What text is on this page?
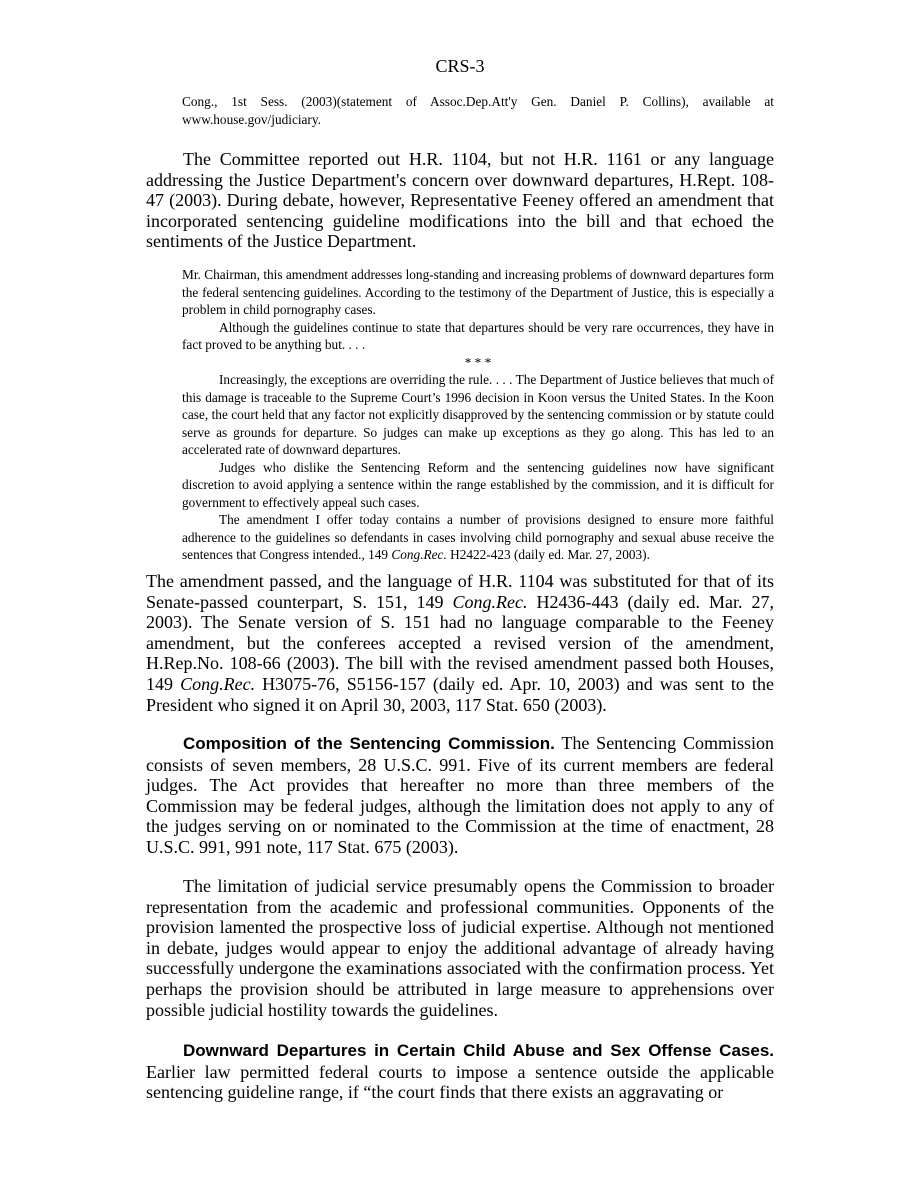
CRS-3
Cong., 1st Sess. (2003)(statement of Assoc.Dep.Att'y Gen. Daniel P. Collins), available at www.house.gov/judiciary.

The Committee reported out H.R. 1104, but not H.R. 1161 or any language addressing the Justice Department's concern over downward departures, H.Rept. 108-47 (2003). During debate, however, Representative Feeney offered an amendment that incorporated sentencing guideline modifications into the bill and that echoed the sentiments of the Justice Department.

Mr. Chairman, this amendment addresses long-standing and increasing problems of downward departures form the federal sentencing guidelines. According to the testimony of the Department of Justice, this is especially a problem in child pornography cases.

Although the guidelines continue to state that departures should be very rare occurrences, they have in fact proved to be anything but. . . .

* * *

Increasingly, the exceptions are overriding the rule. . . . The Department of Justice believes that much of this damage is traceable to the Supreme Court’s 1996 decision in Koon versus the United States. In the Koon case, the court held that any factor not explicitly disapproved by the sentencing commission or by statute could serve as grounds for departure. So judges can make up exceptions as they go along. This has led to an accelerated rate of downward departures.

Judges who dislike the Sentencing Reform and the sentencing guidelines now have significant discretion to avoid applying a sentence within the range established by the commission, and it is difficult for government to effectively appeal such cases.

The amendment I offer today contains a number of provisions designed to ensure more faithful adherence to the guidelines so defendants in cases involving child pornography and sexual abuse receive the sentences that Congress intended., 149 Cong.Rec. H2422-423 (daily ed. Mar. 27, 2003).

The amendment passed, and the language of H.R. 1104 was substituted for that of its Senate-passed counterpart, S. 151, 149 Cong.Rec. H2436-443 (daily ed. Mar. 27, 2003). The Senate version of S. 151 had no language comparable to the Feeney amendment, but the conferees accepted a revised version of the amendment, H.Rep.No. 108-66 (2003). The bill with the revised amendment passed both Houses, 149 Cong.Rec. H3075-76, S5156-157 (daily ed. Apr. 10, 2003) and was sent to the President who signed it on April 30, 2003, 117 Stat. 650 (2003).

Composition of the Sentencing Commission. The Sentencing Commission consists of seven members, 28 U.S.C. 991. Five of its current members are federal judges. The Act provides that hereafter no more than three members of the Commission may be federal judges, although the limitation does not apply to any of the judges serving on or nominated to the Commission at the time of enactment, 28 U.S.C. 991, 991 note, 117 Stat. 675 (2003).

The limitation of judicial service presumably opens the Commission to broader representation from the academic and professional communities. Opponents of the provision lamented the prospective loss of judicial expertise. Although not mentioned in debate, judges would appear to enjoy the additional advantage of already having successfully undergone the examinations associated with the confirmation process. Yet perhaps the provision should be attributed in large measure to apprehensions over possible judicial hostility towards the guidelines.

Downward Departures in Certain Child Abuse and Sex Offense Cases. Earlier law permitted federal courts to impose a sentence outside the applicable sentencing guideline range, if “the court finds that there exists an aggravating or
